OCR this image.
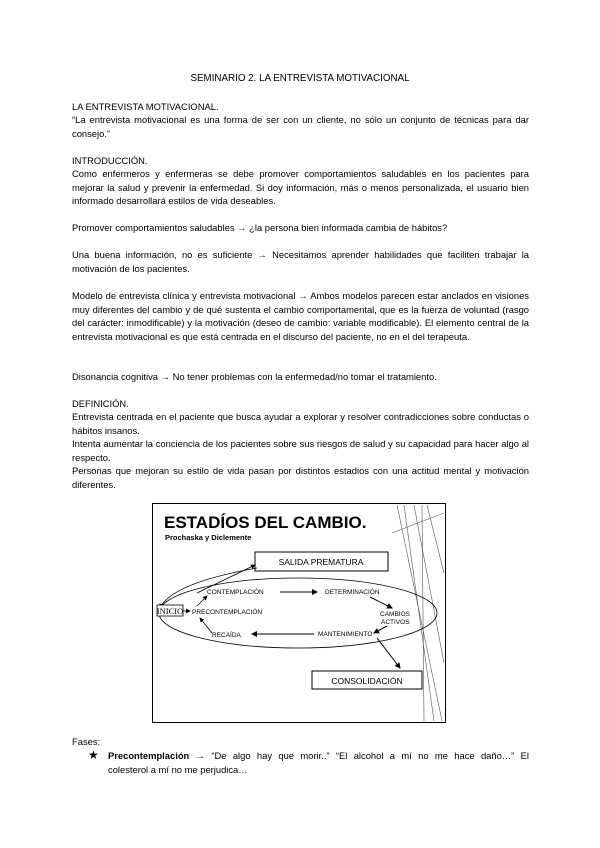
SEMINARIO 2. LA ENTREVISTA MOTIVACIONAL

LA ENTREVISTA MOTIVACIONAL.

“La entrevista motivacional es una forma de ser con un cliente, no sólo un conjunto de técnicas para dar consejo.”

INTRODUCCIÓN.

Como enfermeros y enfermeras se debe promover comportamientos saludables en los pacientes para mejorar la salud y prevenir la enfermedad. Si doy información, más o menos personalizada, el usuario bien informado desarrollará estilos de vida deseables.

Promover comportamientos saludables → ¿la persona bien informada cambia de hábitos?

Una buena información, no es suficiente → Necesitamos aprender habilidades que faciliten trabajar la motivación de los pacientes.

Modelo de entrevista clínica y entrevista motivacional → Ambos modelos parecen estar anclados en visiones muy diferentes del cambio y de qué sustenta el cambio comportamental, que es la fuerza de voluntad (rasgo del carácter: inmodificable) y la motivación (deseo de cambio: variable modificable). El elemento central de la entrevista motivacional es que está centrada en el discurso del paciente, no en el del terapeuta.

Disonancia cognitiva → No tener problemas con la enfermedad/no tomar el tratamiento.

DEFINICIÓN.

Entrevista centrada en el paciente que busca ayudar a explorar y resolver contradicciones sobre conductas o hábitos insanos.

Intenta aumentar la conciencia de los pacientes sobre sus riesgos de salud y su capacidad para hacer algo al respecto.

Personas que mejoran su estilo de vida pasan por distintos estadios con una actitud mental y motivación diferentes.

ESTADÍOS DEL CAMBIO.
Prochaska y Diclemente
SALIDA PREMATURA
INICIO PRECONTEMPLACIÓN
CONTEMPLACIÓN	DETERMINACIÓN
CAMBIOS
ACTIVOS
MANTENIMIENTO
RECAÍDA
CONSOLIDACIÓN
Fases:
★ Precontemplación → “De algo hay que morir..” “El alcohol a mí no me hace daño…” El
colesterol a mí no me perjudica…
